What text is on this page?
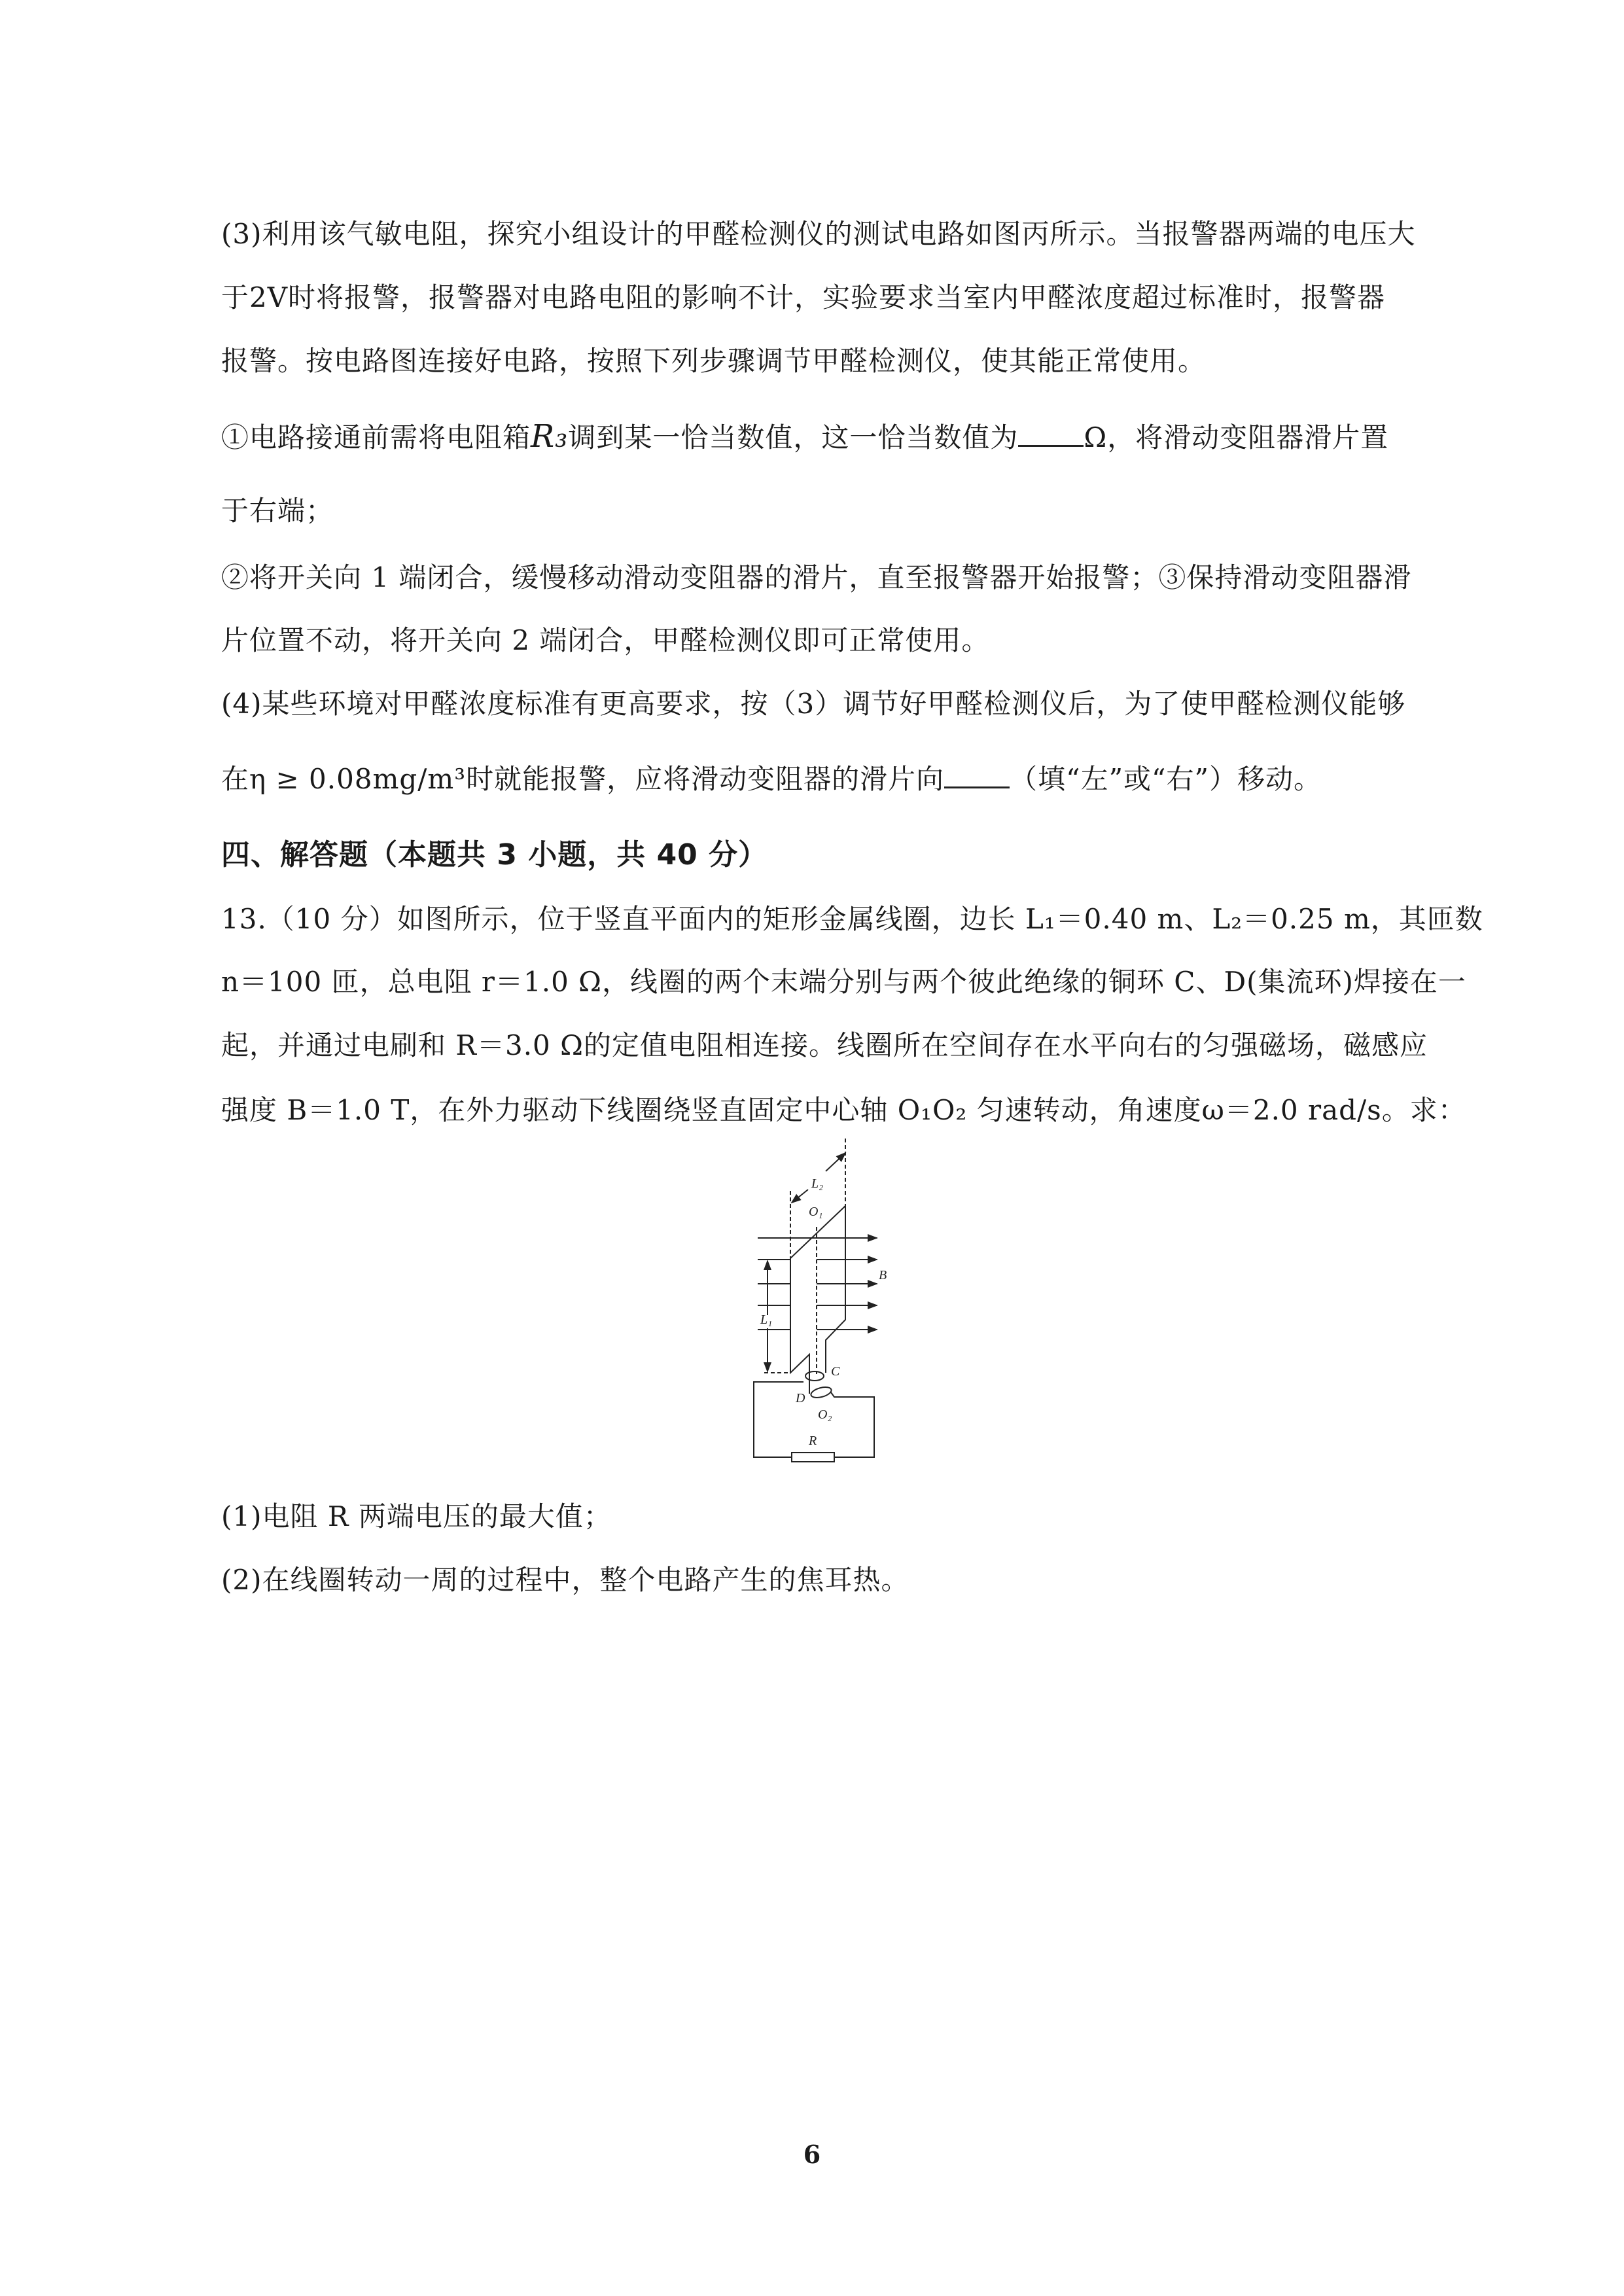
(3)利用该气敏电阻，探究小组设计的甲醛检测仪的测试电路如图丙所示。当报警器两端的电压大
于2V时将报警，报警器对电路电阻的影响不计，实验要求当室内甲醛浓度超过标准时，报警器
报警。按电路图连接好电路，按照下列步骤调节甲醛检测仪，使其能正常使用。
①电路接通前需将电阻箱R₃调到某一恰当数值，这一恰当数值为 Ω，将滑动变阻器滑片置
于右端；
②将开关向 1 端闭合，缓慢移动滑动变阻器的滑片，直至报警器开始报警；③保持滑动变阻器滑
片位置不动，将开关向 2 端闭合，甲醛检测仪即可正常使用。
(4)某些环境对甲醛浓度标准有更高要求，按（3）调节好甲醛检测仪后，为了使甲醛检测仪能够
在η ≥ 0.08mg/m³时就能报警，应将滑动变阻器的滑片向 （填“左”或“右”）移动。
四、解答题（本题共 3 小题，共 40 分）
13.（10 分）如图所示，位于竖直平面内的矩形金属线圈，边长 L₁＝0.40 m、L₂＝0.25 m，其匝数
n＝100 匝，总电阻 r＝1.0 Ω，线圈的两个末端分别与两个彼此绝缘的铜环 C、D(集流环)焊接在一
起，并通过电刷和 R＝3.0 Ω的定值电阻相连接。线圈所在空间存在水平向右的匀强磁场，磁感应
强度 B＝1.0 T，在外力驱动下线圈绕竖直固定中心轴 O₁O₂ 匀速转动，角速度ω＝2.0 rad/s。求：
L₂
O₁
B
L₁
C
D
O₂
R
(1)电阻 R 两端电压的最大值；
(2)在线圈转动一周的过程中，整个电路产生的焦耳热。
6
